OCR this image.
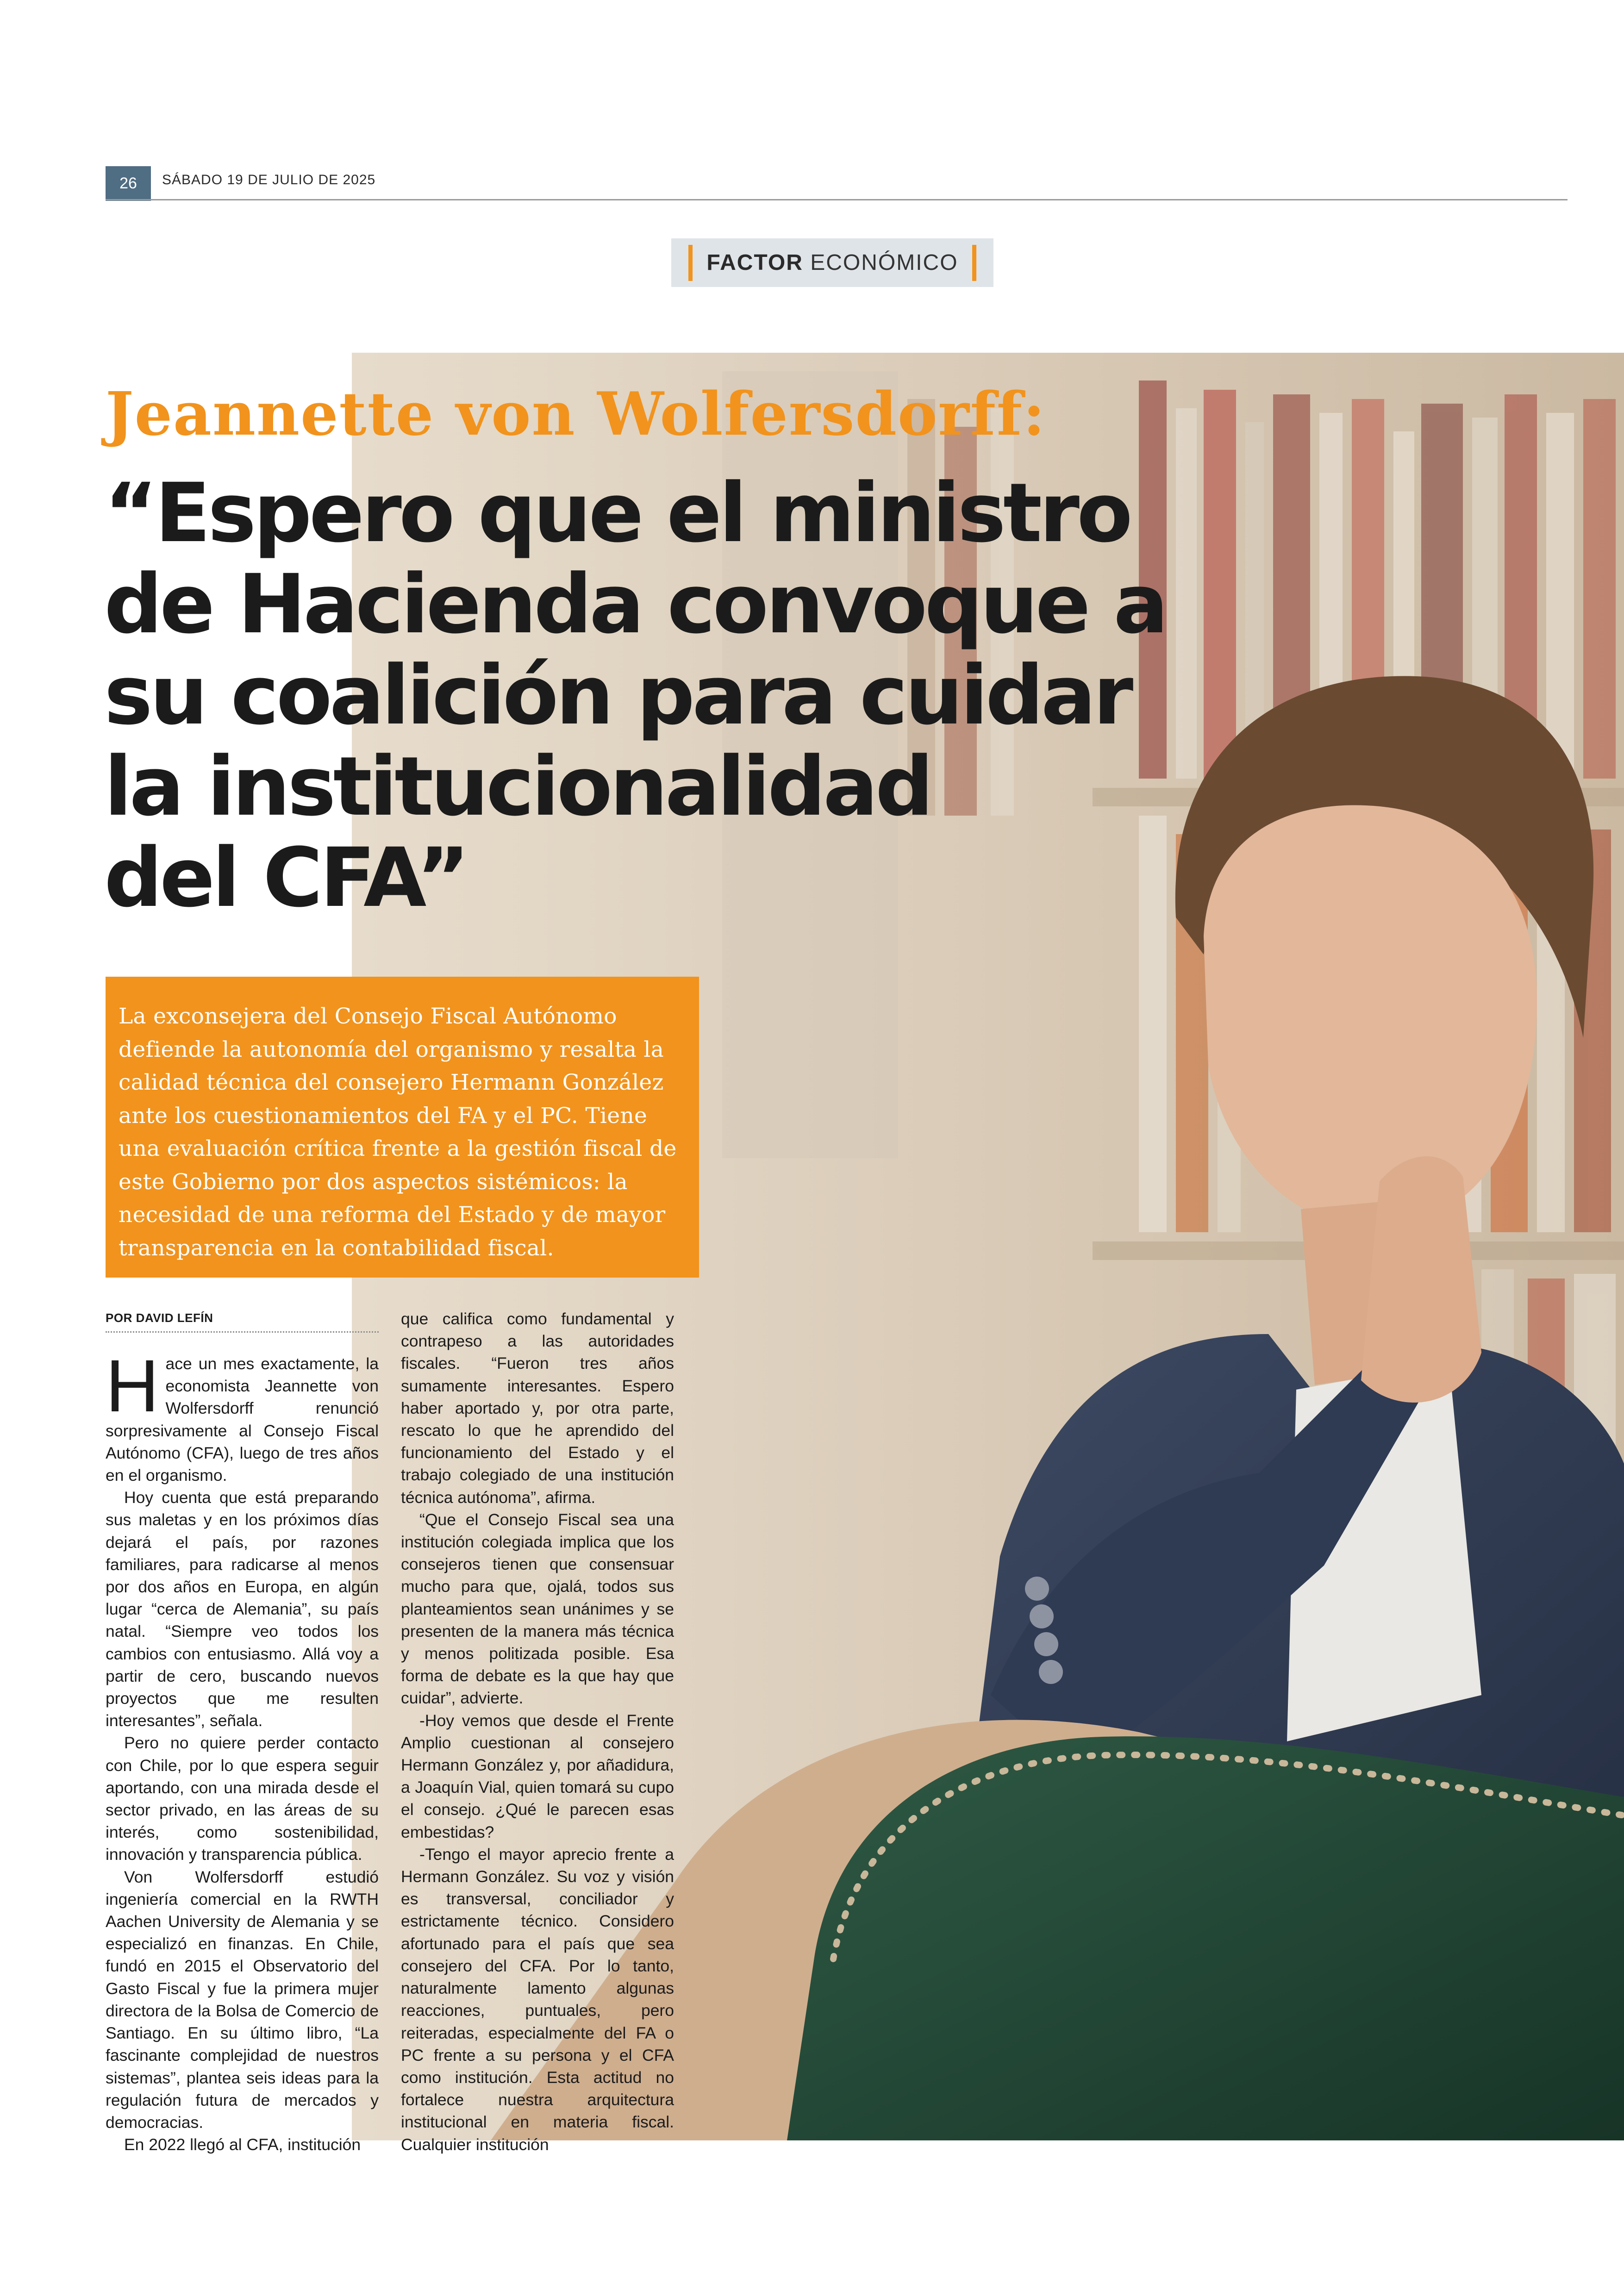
26	SÁBADO 19 DE JULIO DE 2025
FACTOR ECONÓMICO
Jeannette von Wolfersdorff:
“Espero que el ministro
de Hacienda convoque a
su coalición para cuidar
la institucionalidad
del CFA”
La exconsejera del Consejo Fiscal Autónomo defiende la autonomía del organismo y resalta la calidad técnica del consejero Hermann González ante los cuestionamientos del FA y el PC. Tiene una evaluación crítica frente a la gestión fiscal de este Gobierno por dos aspectos sistémicos: la necesidad de una reforma del Estado y de mayor transparencia en la contabilidad fiscal.
POR DAVID LEFÍN
H ace un mes exactamente, la economista Jeannette von Wolfersdorff renunció sorpresivamente al Consejo Fiscal Autónomo (CFA), luego de tres años en el organismo.

Hoy cuenta que está preparando sus maletas y en los próximos días dejará el país, por razones familiares, para radicarse al menos por dos años en Europa, en algún lugar “cerca de Alemania”, su país natal. “Siempre veo todos los cambios con entusiasmo. Allá voy a partir de cero, buscando nuevos proyectos que me resulten interesantes”, señala.

Pero no quiere perder contacto con Chile, por lo que espera seguir aportando, con una mirada desde el sector privado, en las áreas de su interés, como sostenibilidad, innovación y transparencia pública.

Von Wolfersdorff estudió ingeniería comercial en la RWTH Aachen University de Alemania y se especializó en finanzas. En Chile, fundó en 2015 el Observatorio del Gasto Fiscal y fue la primera mujer directora de la Bolsa de Comercio de Santiago. En su último libro, “La fascinante complejidad de nuestros sistemas”, plantea seis ideas para la regulación futura de mercados y democracias.

En 2022 llegó al CFA, institución

que califica como fundamental y contrapeso a las autoridades fiscales. “Fueron tres años sumamente interesantes. Espero haber aportado y, por otra parte, rescato lo que he aprendido del funcionamiento del Estado y el trabajo colegiado de una institución técnica autónoma”, afirma.

“Que el Consejo Fiscal sea una institución colegiada implica que los consejeros tienen que consensuar mucho para que, ojalá, todos sus planteamientos sean unánimes y se presenten de la manera más técnica y menos politizada posible. Esa forma de debate es la que hay que cuidar”, advierte.

-Hoy vemos que desde el Frente Amplio cuestionan al consejero Hermann González y, por añadidura, a Joaquín Vial, quien tomará su cupo el consejo. ¿Qué le parecen esas embestidas?

-Tengo el mayor aprecio frente a Hermann González. Su voz y visión es transversal, conciliador y estrictamente técnico. Considero afortunado para el país que sea consejero del CFA. Por lo tanto, naturalmente lamento algunas reacciones, puntuales, pero reiteradas, especialmente del FA o PC frente a su persona y el CFA como institución. Esta actitud no fortalece nuestra arquitectura institucional en materia fiscal. Cualquier institución
